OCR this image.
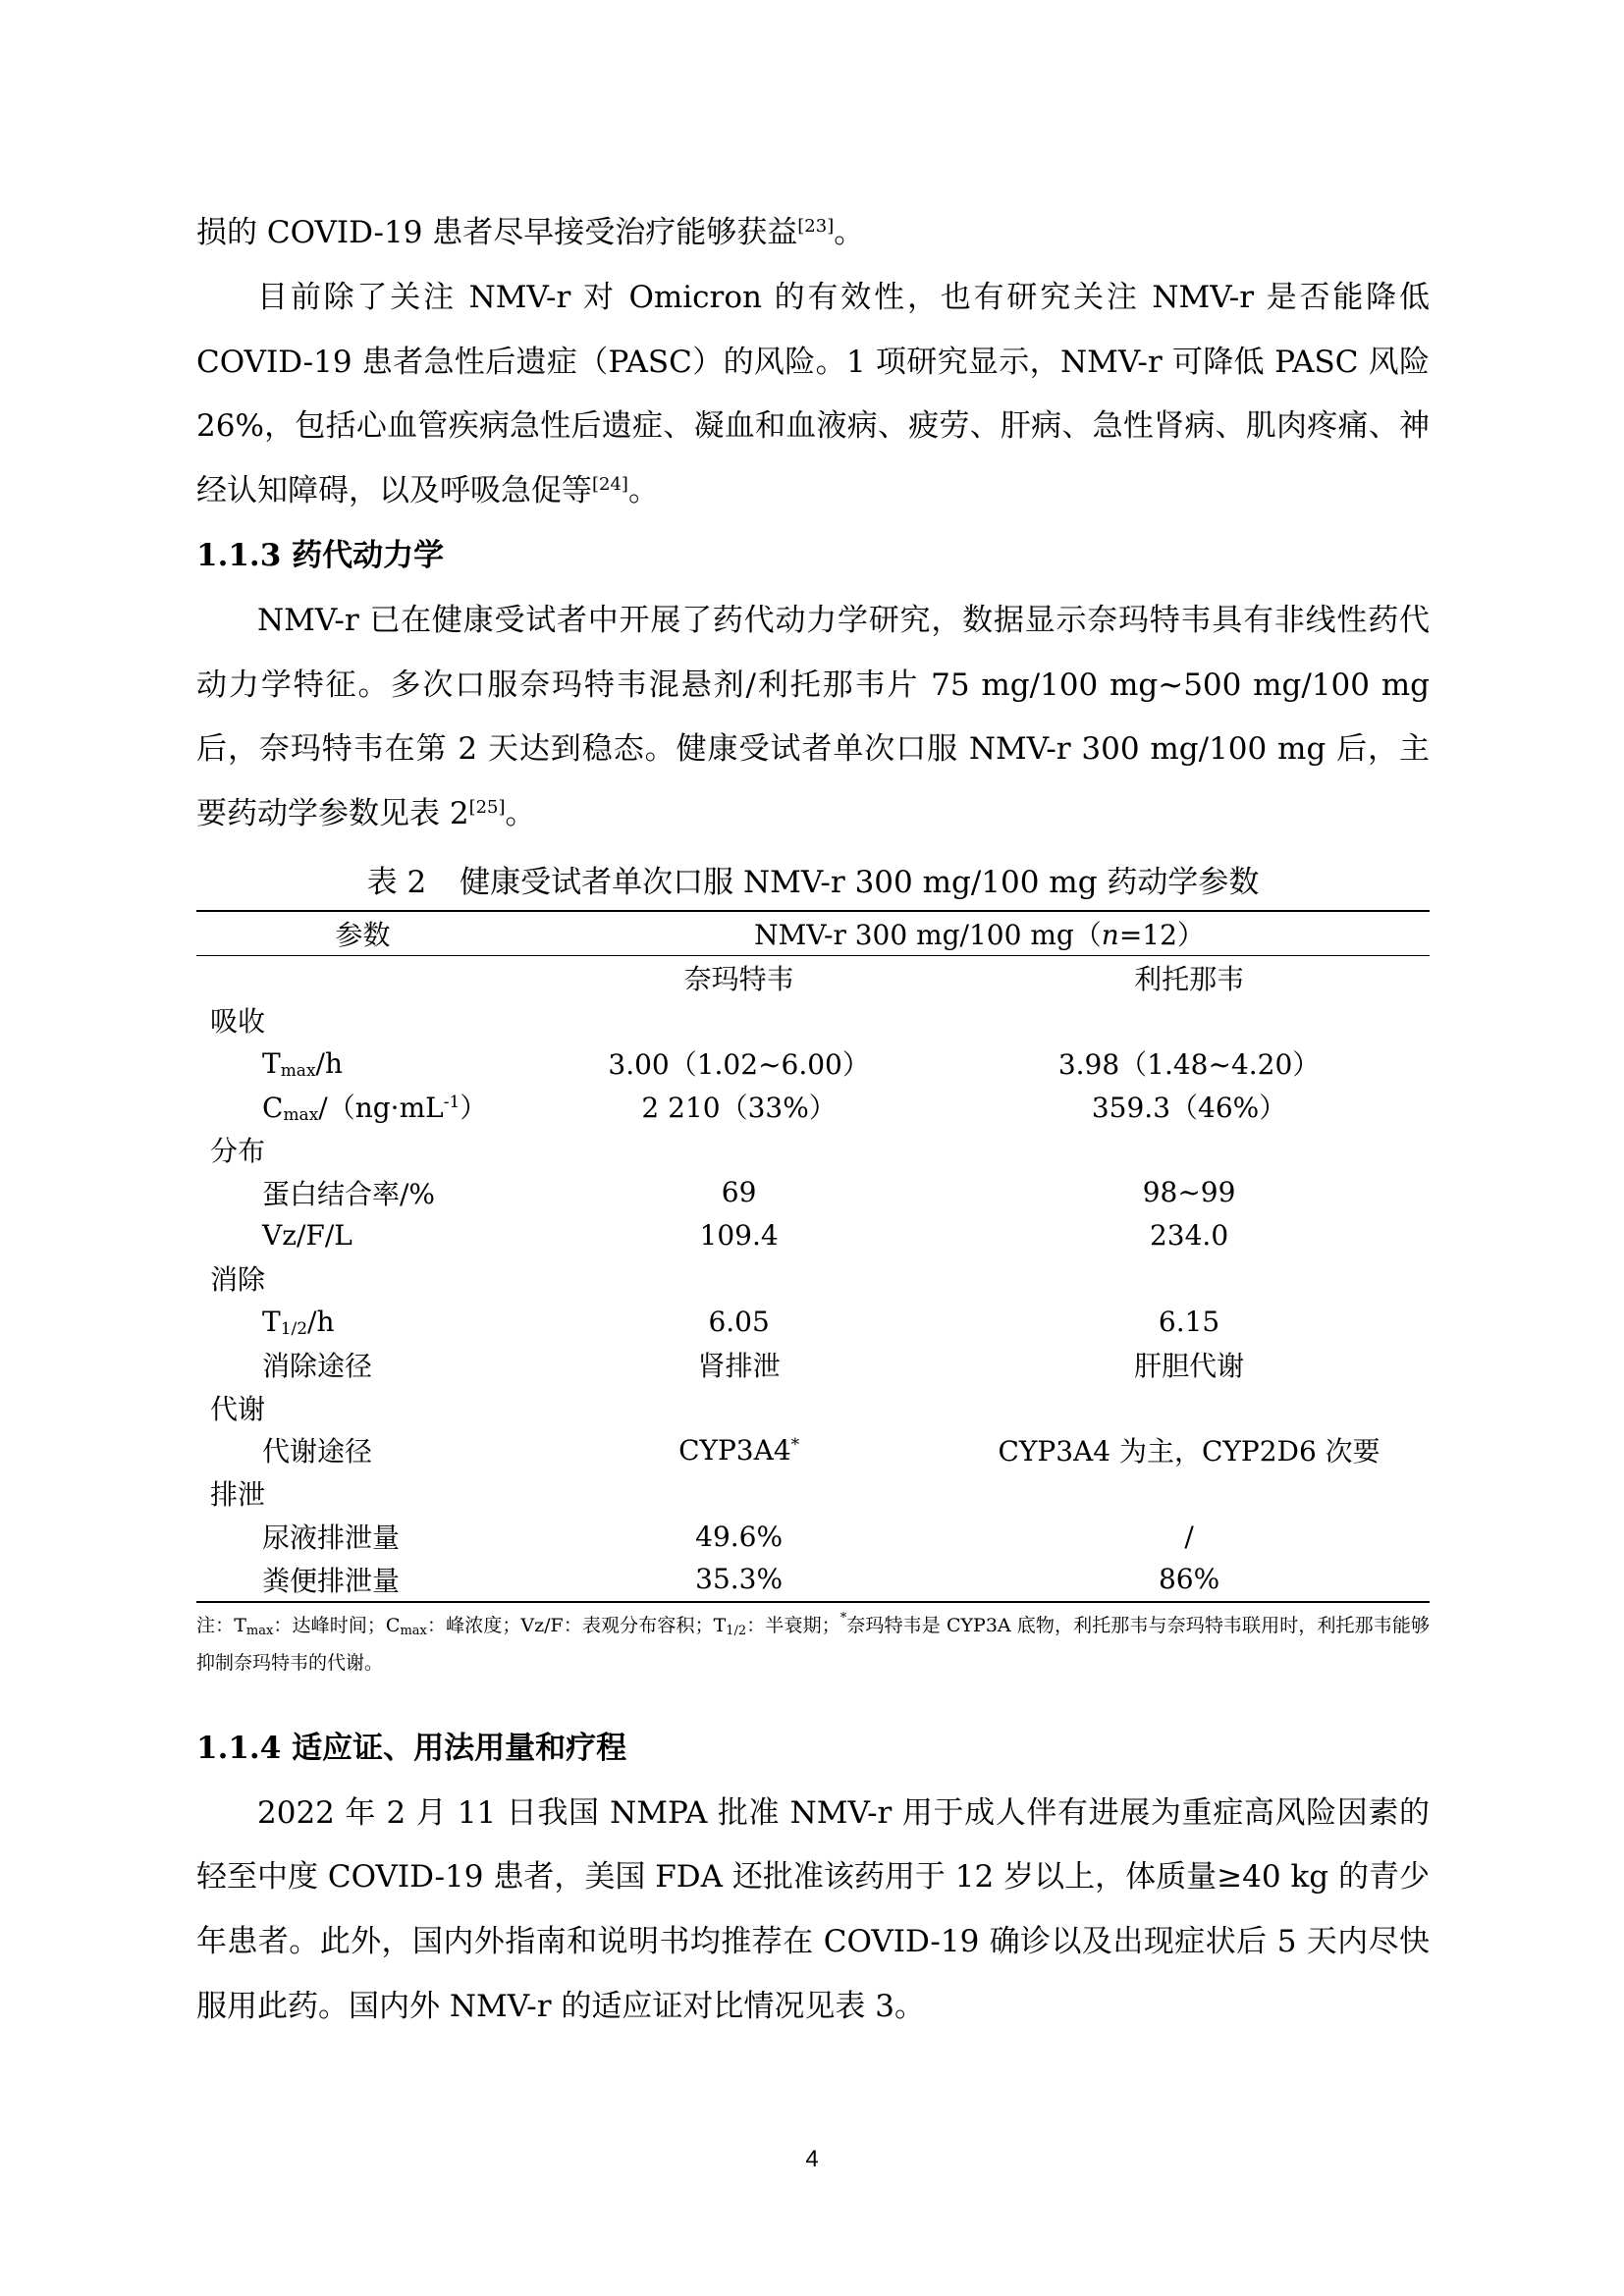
损的 COVID-19 患者尽早接受治疗能够获益[23]。

目前除了关注 NMV-r 对 Omicron 的有效性，也有研究关注 NMV-r 是否能降低 COVID-19 患者急性后遗症（PASC）的风险。1 项研究显示，NMV-r 可降低 PASC 风险 26%，包括心血管疾病急性后遗症、凝血和血液病、疲劳、肝病、急性肾病、肌肉疼痛、神经认知障碍，以及呼吸急促等[24]。

1.1.3 药代动力学

NMV-r 已在健康受试者中开展了药代动力学研究，数据显示奈玛特韦具有非线性药代动力学特征。多次口服奈玛特韦混悬剂/利托那韦片 75 mg/100 mg~500 mg/100 mg 后，奈玛特韦在第 2 天达到稳态。健康受试者单次口服 NMV-r 300 mg/100 mg 后，主要药动学参数见表 2[25]。

表 2 健康受试者单次口服 NMV-r 300 mg/100 mg 药动学参数
参数	NMV-r 300 mg/100 mg（n=12）	
	奈玛特韦	利托那韦
吸收		
$T_{max}/h$	3.00（1.02~6.00）	3.98（1.48~4.20）
$C_{max}/(ng\cdot mL^{-1})$	2 210（33%）	359.3（46%）
分布		
蛋白结合率/%	69	98~99
Vz/F/L	109.4	234.0
消除		
$T_{1/2}/h$	6.05	6.15
消除途径	肾排泄	肝胆代谢
代谢		
代谢途径	CYP3A4*	CYP3A4 为主，CYP2D6 次要
排泄		
尿液排泄量	49.6%	/
粪便排泄量	35.3%	86%
注：$T_{max}$：达峰时间；$C_{max}$：峰浓度；Vz/F：表观分布容积；$T_{1/2}$：半衰期；*奈玛特韦是 CYP3A 底物，利托那韦与奈玛特韦联用时，利托那韦能够抑制奈玛特韦的代谢。
1.1.4 适应证、用法用量和疗程

2022 年 2 月 11 日我国 NMPA 批准 NMV-r 用于成人伴有进展为重症高风险因素的轻至中度 COVID-19 患者，美国 FDA 还批准该药用于 12 岁以上，体质量≥40 kg 的青少年患者。此外，国内外指南和说明书均推荐在 COVID-19 确诊以及出现症状后 5 天内尽快服用此药。国内外 NMV-r 的适应证对比情况见表 3。

4
